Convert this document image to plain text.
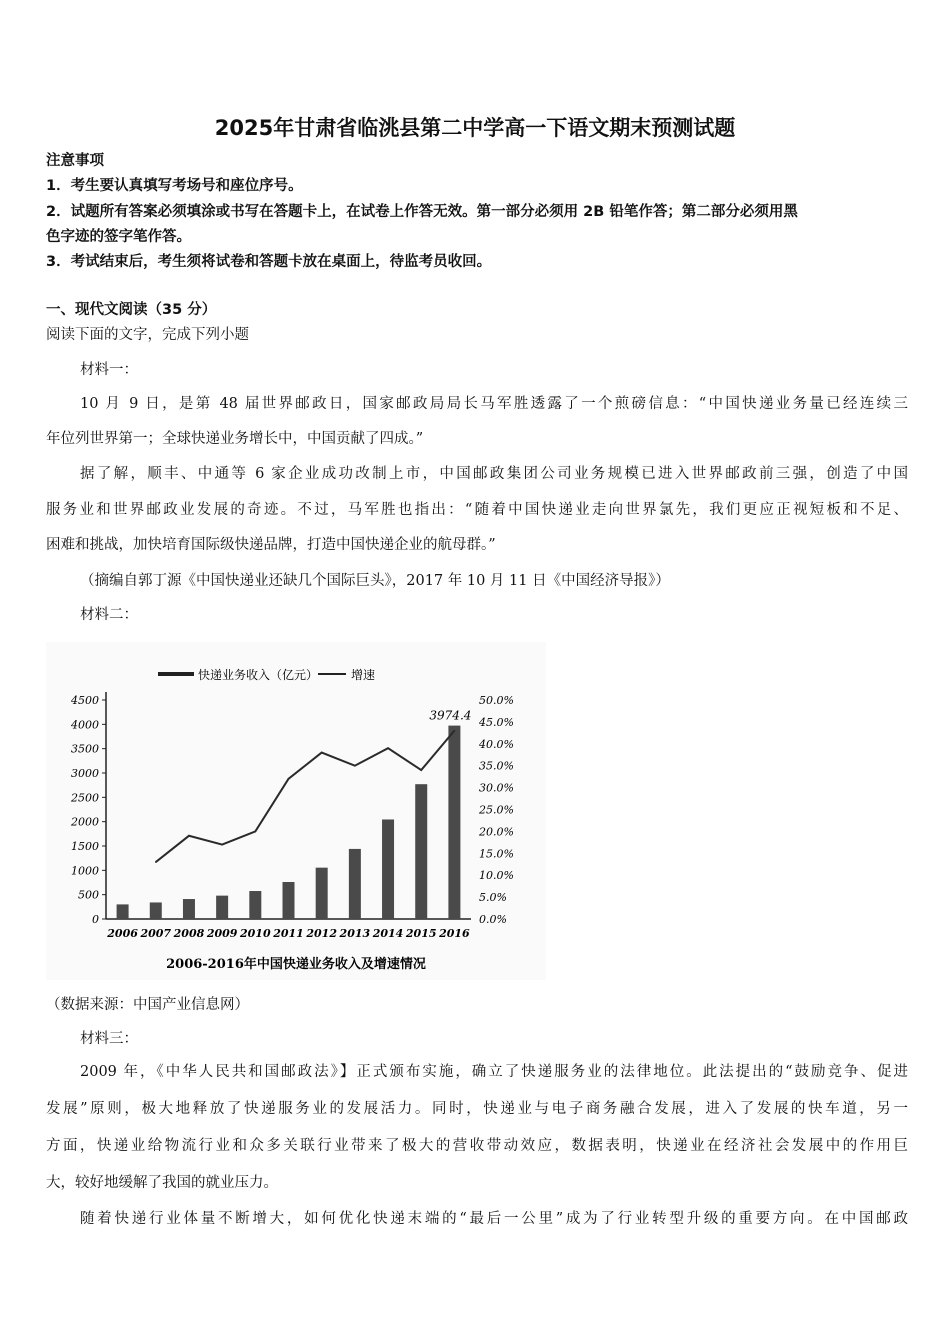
2025年甘肃省临洮县第二中学高一下语文期末预测试题
注意事项
1．考生要认真填写考场号和座位序号。
2．试题所有答案必须填涂或书写在答题卡上，在试卷上作答无效。第一部分必须用 2B 铅笔作答；第二部分必须用黑
色字迹的签字笔作答。
3．考试结束后，考生须将试卷和答题卡放在桌面上，待监考员收回。
一、现代文阅读（35 分）
阅读下面的文字，完成下列小题
材料一：
10 月 9 日，是第 48 届世界邮政日，国家邮政局局长马军胜透露了一个煎磅信息：“中国快递业务量已经连续三
年位列世界第一；全球快递业务增长中，中国贡献了四成。”
据了解，顺丰、中通等 6 家企业成功改制上市，中国邮政集团公司业务规模已进入世界邮政前三强，创造了中国
服务业和世界邮政业发展的奇迹。不过，马军胜也指出：“随着中国快递业走向世界氯先，我们更应正视短板和不足、
困难和挑战，加快培育国际级快递品牌，打造中国快递企业的航母群。”
（摘编自郭丁源《中国快递业还缺几个国际巨头》，2017 年 10 月 11 日《中国经济导报》）
材料二：
快递业务收入（亿元）	增速
2006 2007 2008 2009 2010 2011 2012 2013 2014 2015 2016
0
500
1000
1500
2000
2500
3000
3500
4000
4500
0.0%
5.0%
10.0%
15.0%
20.0%
25.0%
30.0%
35.0%
40.0%
45.0%
50.0%
3974.4
2006-2016年中国快递业务收入及增速情况
（数据来源：中国产业信息网）
材料三：
2009 年，《中华人民共和国邮政法》】正式颁布实施，确立了快递服务业的法律地位。此法提出的“鼓励竞争、促进
发展”原则，极大地释放了快递服务业的发展活力。同时，快递业与电子商务融合发展，进入了发展的快车道，另一
方面，快递业给物流行业和众多关联行业带来了极大的营收带动效应，数据表明，快递业在经济社会发展中的作用巨
大，较好地缓解了我国的就业压力。
随着快递行业体量不断增大，如何优化快递末端的“最后一公里”成为了行业转型升级的重要方向。在中国邮政
